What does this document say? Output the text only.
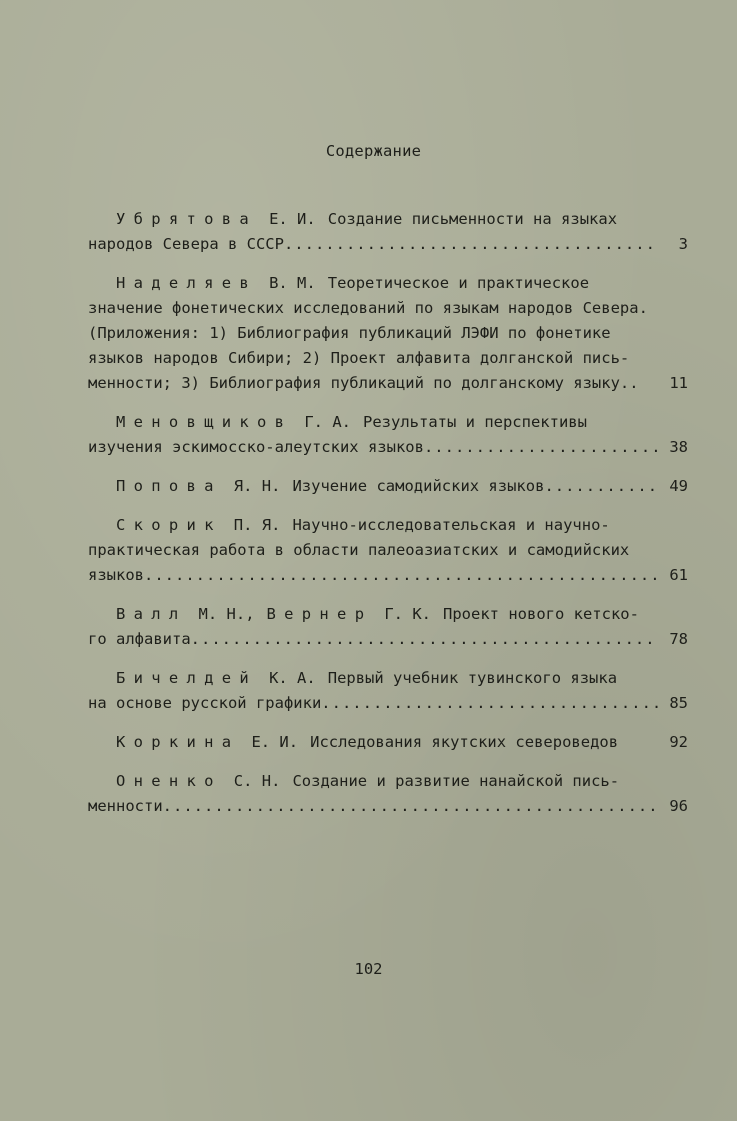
Содержание
Убрятова Е. И. Создание письменности на языках
народов Севера в СССР .....	3
Наделяев В. М. Теоретическое и практическое
значение фонетических исследований по языкам народов Севера.
(Приложения: 1) Библиография публикаций ЛЭФИ по фонетике
языков народов Сибири; 2) Проект алфавита долганской пись-
менности; 3) Библиография публикаций по долганскому языку..	11
Меновщиков Г. А. Результаты и перспективы
изучения эскимосско-алеутских языков .....	38
Попова Я. Н. Изучение самодийских языков .....	49
Скорик П. Я. Научно-исследовательская и научно-
практическая работа в области палеоазиатских и самодийских
языков .....	61
Валл М. Н., Вернер Г. К. Проект нового кетско-
го алфавита .....	78
Бичелдей К. А. Первый учебник тувинского языка
на основе русской графики .....	85
Коркина Е. И. Исследования якутских североведов	92
Оненко С. Н. Создание и развитие нанайской пись-
менности .....	96
102
